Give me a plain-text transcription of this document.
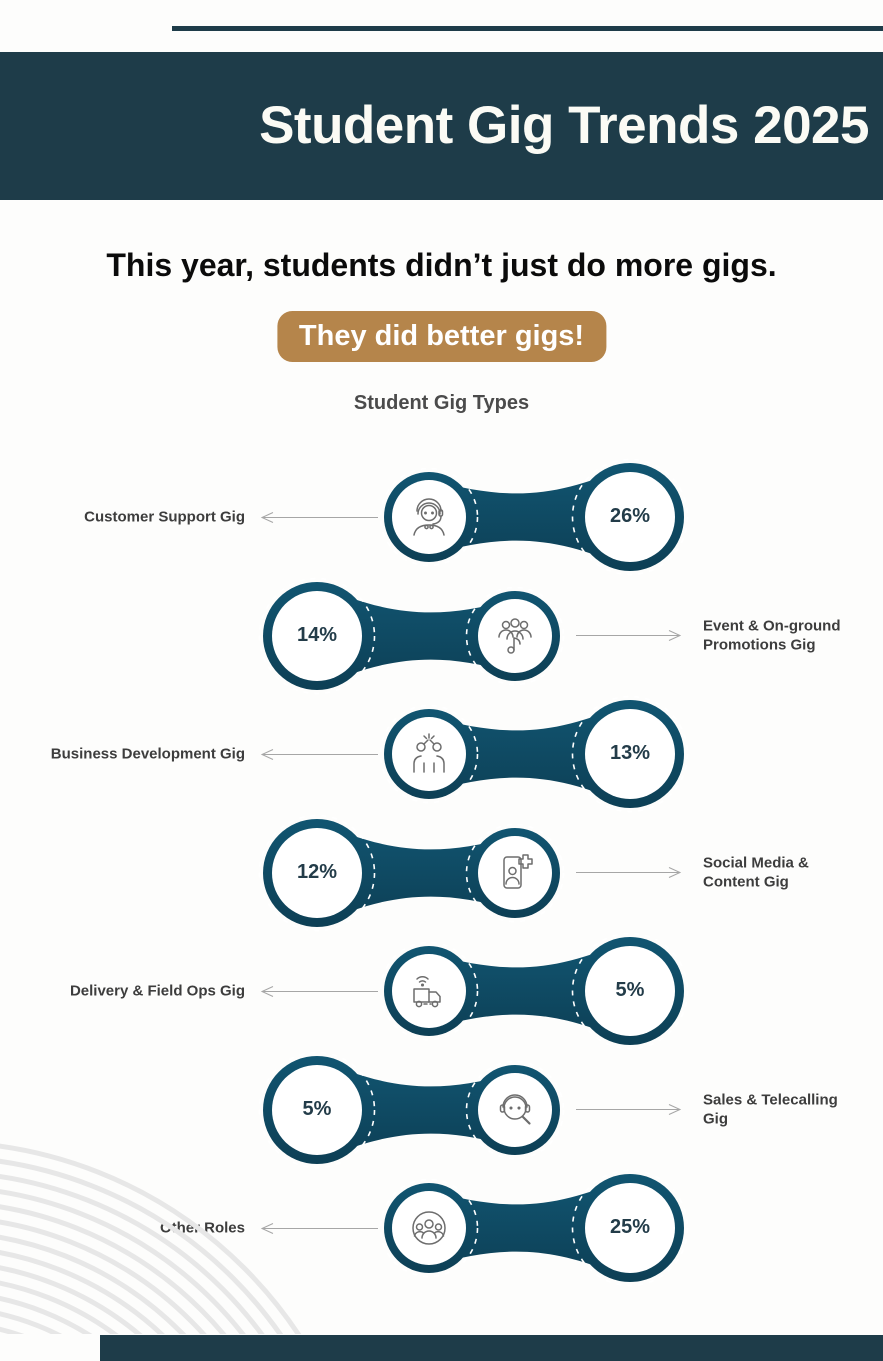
Student Gig Trends 2025
This year, students didn’t just do more gigs.
They did better gigs!
Student Gig Types
Customer Support Gig	26%
14%	Event & On-ground Promotions Gig
Business Development Gig	13%
12%	Social Media & Content Gig
Delivery & Field Ops Gig	5%
5%	Sales & Telecalling Gig
Other Roles	25%
